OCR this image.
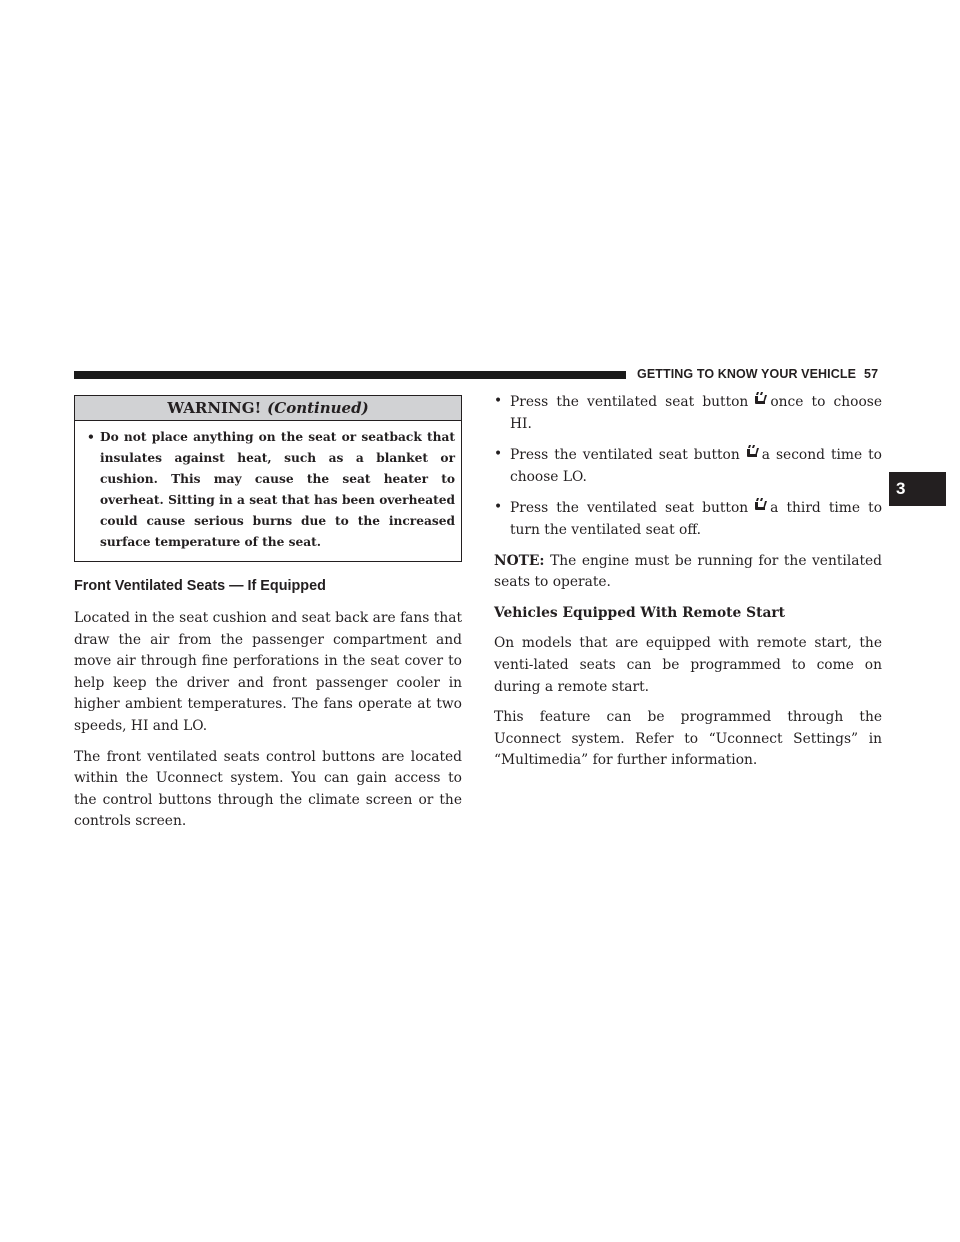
GETTING TO KNOW YOUR VEHICLE 57
3
WARNING! (Continued)
• Do not place anything on the seat or seatback that insulates against heat, such as a blanket or cushion. This may cause the seat heater to overheat. Sitting in a seat that has been overheated could cause serious burns due to the increased surface temperature of the seat.
Front Ventilated Seats — If Equipped

Located in the seat cushion and seat back are fans that draw the air from the passenger compartment and move air through fine perforations in the seat cover to help keep the driver and front passenger cooler in higher ambient temperatures. The fans operate at two speeds, HI and LO.

The front ventilated seats control buttons are located within the Uconnect system. You can gain access to the control buttons through the climate screen or the controls screen.

• Press the ventilated seat button once to choose HI.
• Press the ventilated seat button a second time to choose LO.
• Press the ventilated seat button a third time to turn the ventilated seat off.

NOTE: The engine must be running for the ventilated seats to operate.

Vehicles Equipped With Remote Start

On models that are equipped with remote start, the venti-lated seats can be programmed to come on during a remote start.

This feature can be programmed through the Uconnect system. Refer to “Uconnect Settings” in “Multimedia” for further information.
